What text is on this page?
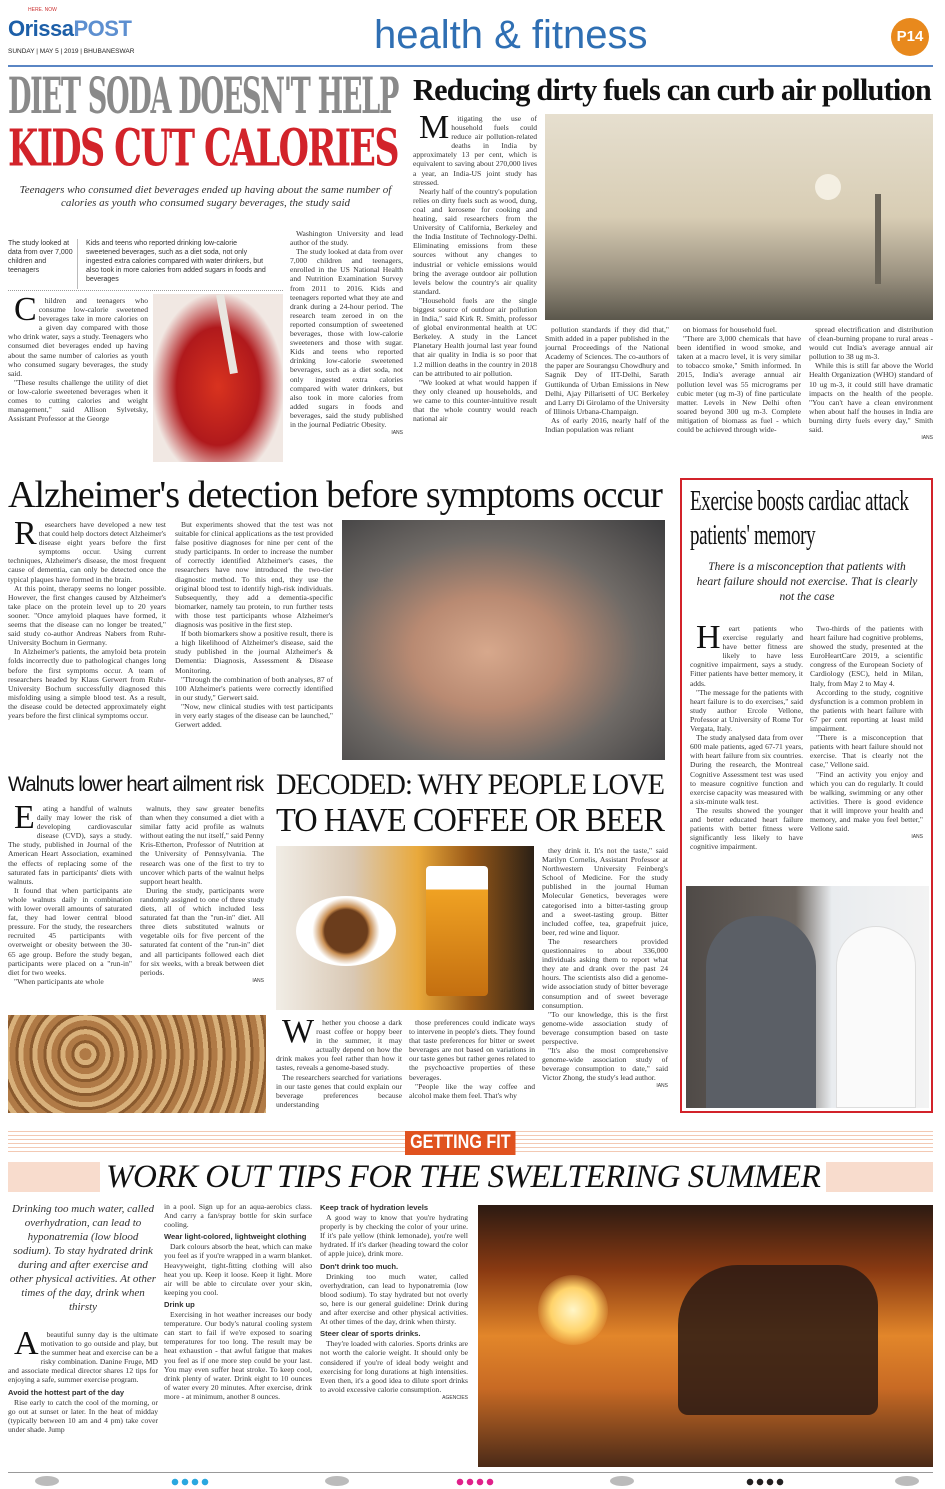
HERE. NOW
OrissaPOST
SUNDAY | MAY 5 | 2019 | BHUBANESWAR	health & fitness	P14
DIET SODA DOESN'T HELP
KIDS CUT CALORIES
Teenagers who consumed diet beverages ended up having about the same number of calories as youth who consumed sugary beverages, the study said
The study looked at data from over 7,000 children and teenagers
Kids and teens who reported drinking low-calorie sweetened beverages, such as a diet soda, not only ingested extra calories compared with water drinkers, but also took in more calories from added sugars in foods and beverages

Children and teenagers who consume low-calorie sweetened beverages take in more calories on a given day compared with those who drink water, says a study. Teenagers who consumed diet beverages ended up having about the same number of calories as youth who consumed sugary beverages, the study said.

"These results challenge the utility of diet or low-calorie sweetened beverages when it comes to cutting calories and weight management," said Allison Sylvetsky, Assistant Professor at the George

Washington University and lead author of the study.

The study looked at data from over 7,000 children and teenagers, enrolled in the US National Health and Nutrition Examination Survey from 2011 to 2016. Kids and teenagers reported what they ate and drank during a 24-hour period. The research team zeroed in on the reported consumption of sweetened beverages, those with low-calorie sweeteners and those with sugar. Kids and teens who reported drinking low-calorie sweetened beverages, such as a diet soda, not only ingested extra calories compared with water drinkers, but also took in more calories from added sugars in foods and beverages, said the study published in the journal Pediatric Obesity.

IANS
Reducing dirty fuels can curb air pollution

Mitigating the use of household fuels could reduce air pollution-related deaths in India by approximately 13 per cent, which is equivalent to saving about 270,000 lives a year, an India-US joint study has stressed.

Nearly half of the country's population relies on dirty fuels such as wood, dung, coal and kerosene for cooking and heating, said researchers from the University of California, Berkeley and the India Institute of Technology-Delhi. Eliminating emissions from these sources without any changes to industrial or vehicle emissions would bring the average outdoor air pollution levels below the country's air quality standard.

"Household fuels are the single biggest source of outdoor air pollution in India," said Kirk R. Smith, professor of global environmental health at UC Berkeley. A study in the Lancet Planetary Health journal last year found that air quality in India is so poor that 1.2 million deaths in the country in 2018 can be attributed to air pollution.

"We looked at what would happen if they only cleaned up households, and we came to this counter-intuitive result that the whole country would reach national air

pollution standards if they did that," Smith added in a paper published in the journal Proceedings of the National Academy of Sciences. The co-authors of the paper are Sourangsu Chowdhury and Sagnik Dey of IIT-Delhi, Sarath Guttikunda of Urban Emissions in New Delhi, Ajay Pillarisetti of UC Berkeley and Larry Di Girolamo of the University of Illinois Urbana-Champaign.

As of early 2016, nearly half of the Indian population was reliant

on biomass for household fuel.

"There are 3,000 chemicals that have been identified in wood smoke, and taken at a macro level, it is very similar to tobacco smoke," Smith informed. In 2015, India's average annual air pollution level was 55 micrograms per cubic meter (ug m-3) of fine particulate matter. Levels in New Delhi often soared beyond 300 ug m-3. Complete mitigation of biomass as fuel - which could be achieved through wide-

spread electrification and distribution of clean-burning propane to rural areas - would cut India's average annual air pollution to 38 ug m-3.

While this is still far above the World Health Organization (WHO) standard of 10 ug m-3, it could still have dramatic impacts on the health of the people. "You can't have a clean environment when about half the houses in India are burning dirty fuels every day," Smith said.

IANS
Alzheimer's detection before symptoms occur

Researchers have developed a new test that could help doctors detect Alzheimer's disease eight years before the first symptoms occur. Using current techniques, Alzheimer's disease, the most frequent cause of dementia, can only be detected once the typical plaques have formed in the brain.

At this point, therapy seems no longer possible. However, the first changes caused by Alzheimer's take place on the protein level up to 20 years sooner. "Once amyloid plaques have formed, it seems that the disease can no longer be treated," said study co-author Andreas Nabers from Ruhr-University Bochum in Germany.

In Alzheimer's patients, the amyloid beta protein folds incorrectly due to pathological changes long before the first symptoms occur. A team of researchers headed by Klaus Gerwert from Ruhr-University Bochum successfully diagnosed this misfolding using a simple blood test. As a result, the disease could be detected approximately eight years before the first clinical symptoms occur.

But experiments showed that the test was not suitable for clinical applications as the test provided false positive diagnoses for nine per cent of the study participants. In order to increase the number of correctly identified Alzheimer's cases, the researchers have now introduced the two-tier diagnostic method. To this end, they use the original blood test to identify high-risk individuals. Subsequently, they add a dementia-specific biomarker, namely tau protein, to run further tests with those test participants whose Alzheimer's diagnosis was positive in the first step.

If both biomarkers show a positive result, there is a high likelihood of Alzheimer's disease, said the study published in the journal Alzheimer's & Dementia: Diagnosis, Assessment & Disease Monitoring.

"Through the combination of both analyses, 87 of 100 Alzheimer's patients were correctly identified in our study," Gerwert said.

"Now, new clinical studies with test participants in very early stages of the disease can be launched," Gerwert added.

Exercise boosts cardiac attack patients' memory
There is a misconception that patients with heart failure should not exercise. That is clearly not the case

Heart patients who exercise regularly and have better fitness are likely to have less cognitive impairment, says a study. Fitter patients have better memory, it adds.

"The message for the patients with heart failure is to do exercises," said study author Ercole Vellone, Professor at University of Rome Tor Vergata, Italy.

The study analysed data from over 600 male patients, aged 67-71 years, with heart failure from six countries. During the research, the Montreal Cognitive Assessment test was used to measure cognitive function and exercise capacity was measured with a six-minute walk test.

The results showed the younger and better educated heart failure patients with better fitness were significantly less likely to have cognitive impairment.

Two-thirds of the patients with heart failure had cognitive problems, showed the study, presented at the EuroHeartCare 2019, a scientific congress of the European Society of Cardiology (ESC), held in Milan, Italy, from May 2 to May 4.

According to the study, cognitive dysfunction is a common problem in the patients with heart failure with 67 per cent reporting at least mild impairment.

"There is a misconception that patients with heart failure should not exercise. That is clearly not the case," Vellone said.

"Find an activity you enjoy and which you can do regularly. It could be walking, swimming or any other activities. There is good evidence that it will improve your health and memory, and make you feel better," Vellone said.

IANS
Walnuts lower heart ailment risk

Eating a handful of walnuts daily may lower the risk of developing cardiovascular disease (CVD), says a study. The study, published in Journal of the American Heart Association, examined the effects of replacing some of the saturated fats in participants' diets with walnuts.

It found that when participants ate whole walnuts daily in combination with lower overall amounts of saturated fat, they had lower central blood pressure. For the study, the researchers recruited 45 participants with overweight or obesity between the 30-65 age group. Before the study began, participants were placed on a "run-in" diet for two weeks.

"When participants ate whole

walnuts, they saw greater benefits than when they consumed a diet with a similar fatty acid profile as walnuts without eating the nut itself," said Penny Kris-Etherton, Professor of Nutrition at the University of Pennsylvania. The research was one of the first to try to uncover which parts of the walnut helps support heart health.

During the study, participants were randomly assigned to one of three study diets, all of which included less saturated fat than the "run-in" diet. All three diets substituted walnuts or vegetable oils for five percent of the saturated fat content of the "run-in" diet and all participants followed each diet for six weeks, with a break between diet periods.

IANS
DECODED: WHY PEOPLE LOVE
TO HAVE COFFEE OR BEER

they drink it. It's not the taste," said Marilyn Cornelis, Assistant Professor at Northwestern University Feinberg's School of Medicine. For the study published in the journal Human Molecular Genetics, beverages were categorised into a bitter-tasting group and a sweet-tasting group. Bitter included coffee, tea, grapefruit juice, beer, red wine and liquor.

The researchers provided questionnaires to about 336,000 individuals asking them to report what they ate and drank over the past 24 hours. The scientists also did a genome-wide association study of bitter beverage consumption and of sweet beverage consumption.

"To our knowledge, this is the first genome-wide association study of beverage consumption based on taste perspective.

"It's also the most comprehensive genome-wide association study of beverage consumption to date," said Victor Zhong, the study's lead author.

IANS

Whether you choose a dark roast coffee or hoppy beer in the summer, it may actually depend on how the drink makes you feel rather than how it tastes, reveals a genome-based study.

The researchers searched for variations in our taste genes that could explain our beverage preferences because understanding

those preferences could indicate ways to intervene in people's diets. They found that taste preferences for bitter or sweet beverages are not based on variations in our taste genes but rather genes related to the psychoactive properties of these beverages.

"People like the way coffee and alcohol make them feel. That's why

GETTING FIT
WORK OUT TIPS FOR THE SWELTERING SUMMER
Drinking too much water, called overhydration, can lead to hyponatremia (low blood sodium). To stay hydrated drink during and after exercise and other physical activities. At other times of the day, drink when thirsty

Abeautiful sunny day is the ultimate motivation to go outside and play, but the summer heat and exercise can be a risky combination. Danine Fruge, MD and associate medical director shares 12 tips for enjoying a safe, summer exercise program.

Avoid the hottest part of the day

Rise early to catch the cool of the morning, or go out at sunset or later. In the heat of midday (typically between 10 am and 4 pm) take cover under shade. Jump

in a pool. Sign up for an aqua-aerobics class. And carry a fan/spray bottle for skin surface cooling.

Wear light-colored, lightweight clothing

Dark colours absorb the heat, which can make you feel as if you're wrapped in a warm blanket. Heavyweight, tight-fitting clothing will also heat you up. Keep it loose. Keep it light. More air will be able to circulate over your skin, keeping you cool.

Drink up

Exercising in hot weather increases our body temperature. Our body's natural cooling system can start to fail if we're exposed to soaring temperatures for too long. The result may be heat exhaustion - that awful fatigue that makes you feel as if one more step could be your last. You may even suffer heat stroke. To keep cool, drink plenty of water. Drink eight to 10 ounces of water every 20 minutes. After exercise, drink more - at minimum, another 8 ounces.

Keep track of hydration levels

A good way to know that you're hydrating properly is by checking the color of your urine. If it's pale yellow (think lemonade), you're well hydrated. If it's darker (heading toward the color of apple juice), drink more.

Don't drink too much.

Drinking too much water, called overhydration, can lead to hyponatremia (low blood sodium). To stay hydrated but not overly so, here is our general guideline: Drink during and after exercise and other physical activities. At other times of the day, drink when thirsty.

Steer clear of sports drinks.

They're loaded with calories. Sports drinks are not worth the calorie weight. It should only be considered if you're of ideal body weight and exercising for long durations at high intensities. Even then, it's a good idea to dilute sport drinks to avoid excessive calorie consumption.

AGENCIES
